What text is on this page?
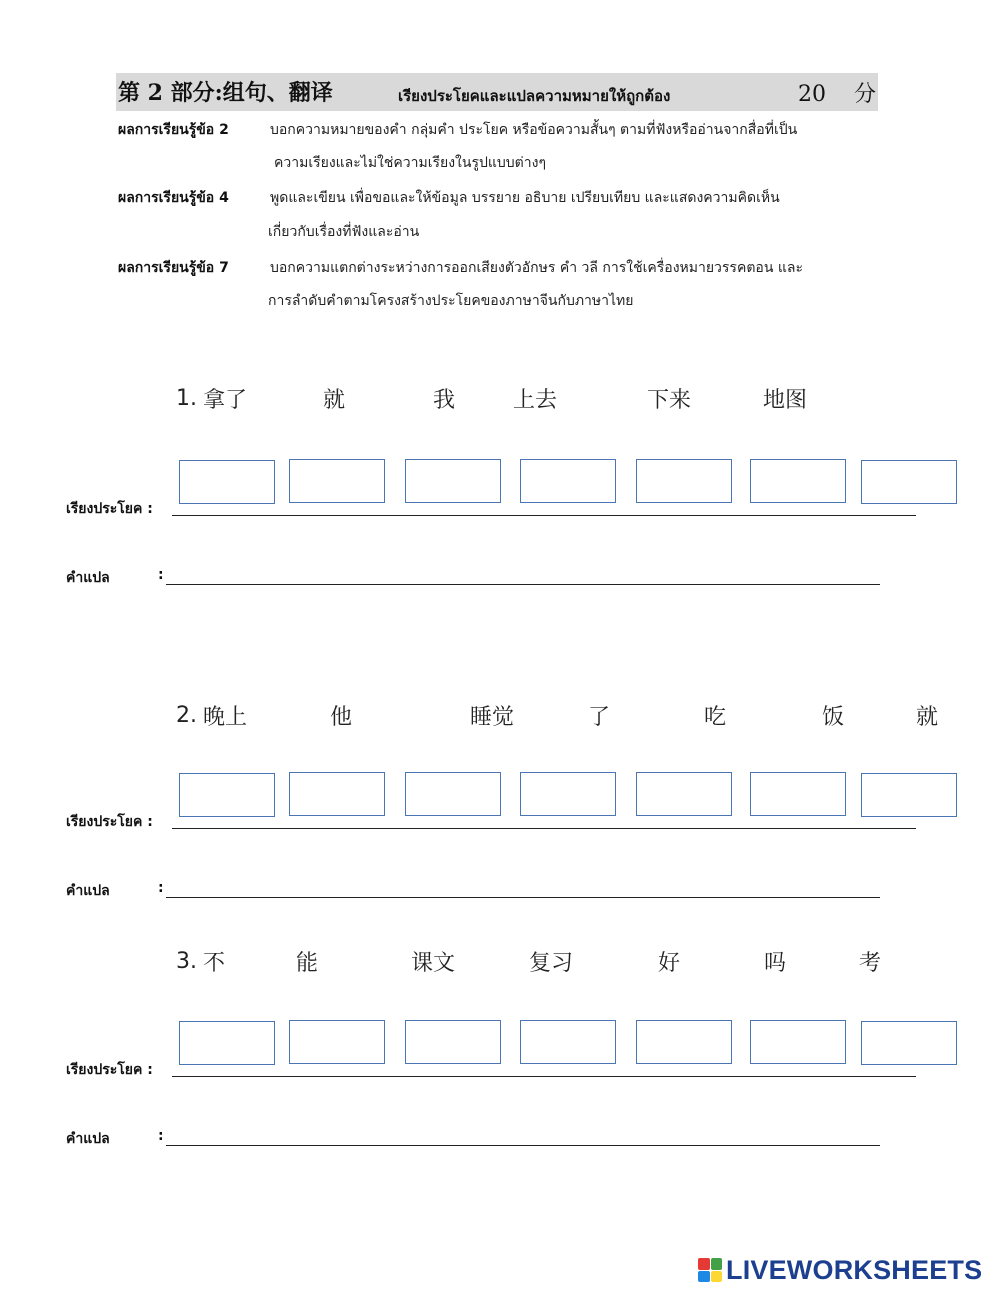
第 2 部分:组句、翻译	เรียงประโยคและแปลความหมายให้ถูกต้อง	20 分
ผลการเรียนรู้ข้อ 2	บอกความหมายของคำ กลุ่มคำ ประโยค หรือข้อความสั้นๆ ตามที่ฟังหรืออ่านจากสื่อที่เป็น
ความเรียงและไม่ใช่ความเรียงในรูปแบบต่างๆ
ผลการเรียนรู้ข้อ 4	พูดและเขียน เพื่อขอและให้ข้อมูล บรรยาย อธิบาย เปรียบเทียบ และแสดงความคิดเห็น
เกี่ยวกับเรื่องที่ฟังและอ่าน
ผลการเรียนรู้ข้อ 7	บอกความแตกต่างระหว่างการออกเสียงตัวอักษร คำ วลี การใช้เครื่องหมายวรรคตอน และ
การลำดับคำตามโครงสร้างประโยคของภาษาจีนกับภาษาไทย
1. 拿了	就	我	上去	下来	地图
เรียงประโยค :
คำแปล	:
2. 晚上	他	睡觉	了	吃	饭	就
เรียงประโยค :
คำแปล	:
3. 不	能	课文	复习	好	吗	考
เรียงประโยค :
คำแปล	:
LIVEWORKSHEETS
